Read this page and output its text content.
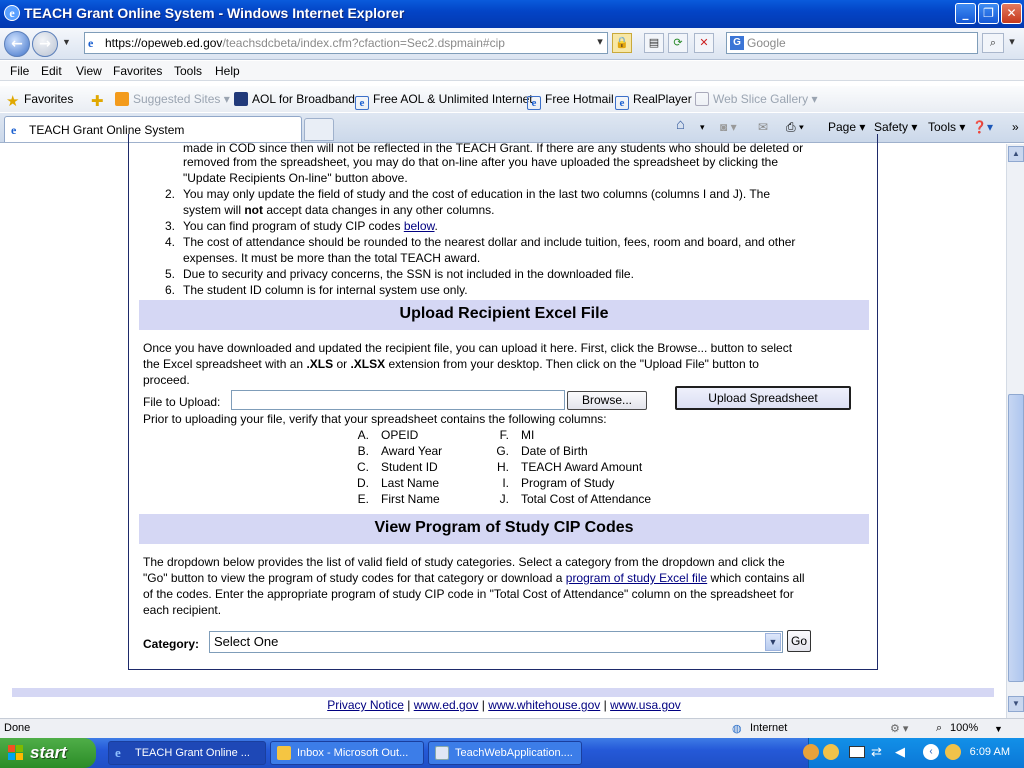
e TEACH Grant Online System - Windows Internet Explorer	_	❐	✕
←	→	▼ e https://opeweb.ed.gov/teachsdcbeta/index.cfm?cfaction=Sec2.dspmain#cip	▾	🔒	▤	⟳	✕	G Google	⌕	▾
File Edit View Favorites Tools Help
★ Favorites ✚	Suggested Sites ▾	AOL for Broadband e Free AOL & Unlimited Internet
e Free Hotmail e RealPlayer	Web Slice Gallery ▾
e TEACH Grant Online System	⌂ ▾ ◙ ▾ ✉ ⎙ ▾ Page ▾ Safety ▾ Tools ▾ ❓▾ »
made in COD since then will not be reflected in the TEACH Grant. If there are any students who should be deleted or
removed from the spreadsheet, you may do that on-line after you have uploaded the spreadsheet by clicking the
"Update Recipients On-line" button above.
2. You may only update the field of study and the cost of education in the last two columns (columns I and J). The
system will not accept data changes in any other columns.
3. You can find program of study CIP codes below.
4. The cost of attendance should be rounded to the nearest dollar and include tuition, fees, room and board, and other
expenses. It must be more than the total TEACH award.
5. Due to security and privacy concerns, the SSN is not included in the downloaded file.
6. The student ID column is for internal system use only.
Upload Recipient Excel File
Once you have downloaded and updated the recipient file, you can upload it here. First, click the Browse... button to select
the Excel spreadsheet with an .XLS or .XLSX extension from your desktop. Then click on the "Upload File" button to
proceed.
File to Upload:	Browse...	Upload Spreadsheet
Prior to uploading your file, verify that your spreadsheet contains the following columns:
A. OPEID
B. Award Year
C. Student ID
D. Last Name
E. First Name
F. MI
G. Date of Birth
H. TEACH Award Amount
I. Program of Study
J. Total Cost of Attendance
View Program of Study CIP Codes
The dropdown below provides the list of valid field of study categories. Select a category from the dropdown and click the
"Go" button to view the program of study codes for that category or download a program of study Excel file which contains all
of the codes. Enter the appropriate program of study CIP code in "Total Cost of Attendance" column on the spreadsheet for
each recipient.
Category:	Select One	▼	Go
Privacy Notice | www.ed.gov | www.whitehouse.gov | www.usa.gov
▲
▼
Done	◍ Internet	⚙ ▾	⌕ 100% ▼
start	e	TEACH Grant Online ...	Inbox - Microsoft Out...	TeachWebApplication....	⇄ ◀	‹	6:09 AM
